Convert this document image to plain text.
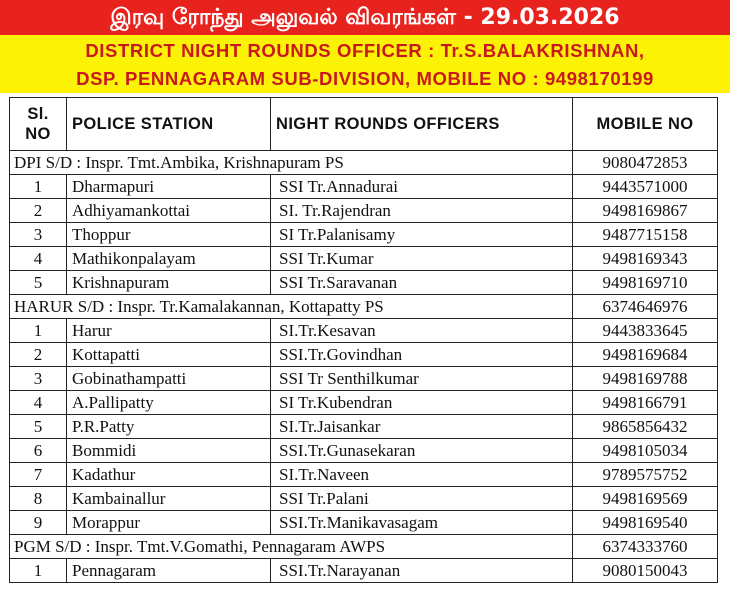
இரவு ரோந்து அலுவல் விவரங்கள் - 29.03.2026
DISTRICT NIGHT ROUNDS OFFICER : Tr.S.BALAKRISHNAN,
DSP. PENNAGARAM SUB-DIVISION, MOBILE NO : 9498170199
Sl.
NO	POLICE STATION	NIGHT ROUNDS OFFICERS	MOBILE NO
DPI S/D : Inspr. Tmt.Ambika, Krishnapuram PS			9080472853
1	Dharmapuri	SSI Tr.Annadurai	9443571000
2	Adhiyamankottai	SI. Tr.Rajendran	9498169867
3	Thoppur	SI Tr.Palanisamy	9487715158
4	Mathikonpalayam	SSI Tr.Kumar	9498169343
5	Krishnapuram	SSI Tr.Saravanan	9498169710
HARUR S/D : Inspr. Tr.Kamalakannan, Kottapatty PS			6374646976
1	Harur	SI.Tr.Kesavan	9443833645
2	Kottapatti	SSI.Tr.Govindhan	9498169684
3	Gobinathampatti	SSI Tr Senthilkumar	9498169788
4	A.Pallipatty	SI Tr.Kubendran	9498166791
5	P.R.Patty	SI.Tr.Jaisankar	9865856432
6	Bommidi	SSI.Tr.Gunasekaran	9498105034
7	Kadathur	SI.Tr.Naveen	9789575752
8	Kambainallur	SSI Tr.Palani	9498169569
9	Morappur	SSI.Tr.Manikavasagam	9498169540
PGM S/D : Inspr. Tmt.V.Gomathi, Pennagaram AWPS			6374333760
1	Pennagaram	SSI.Tr.Narayanan	9080150043
